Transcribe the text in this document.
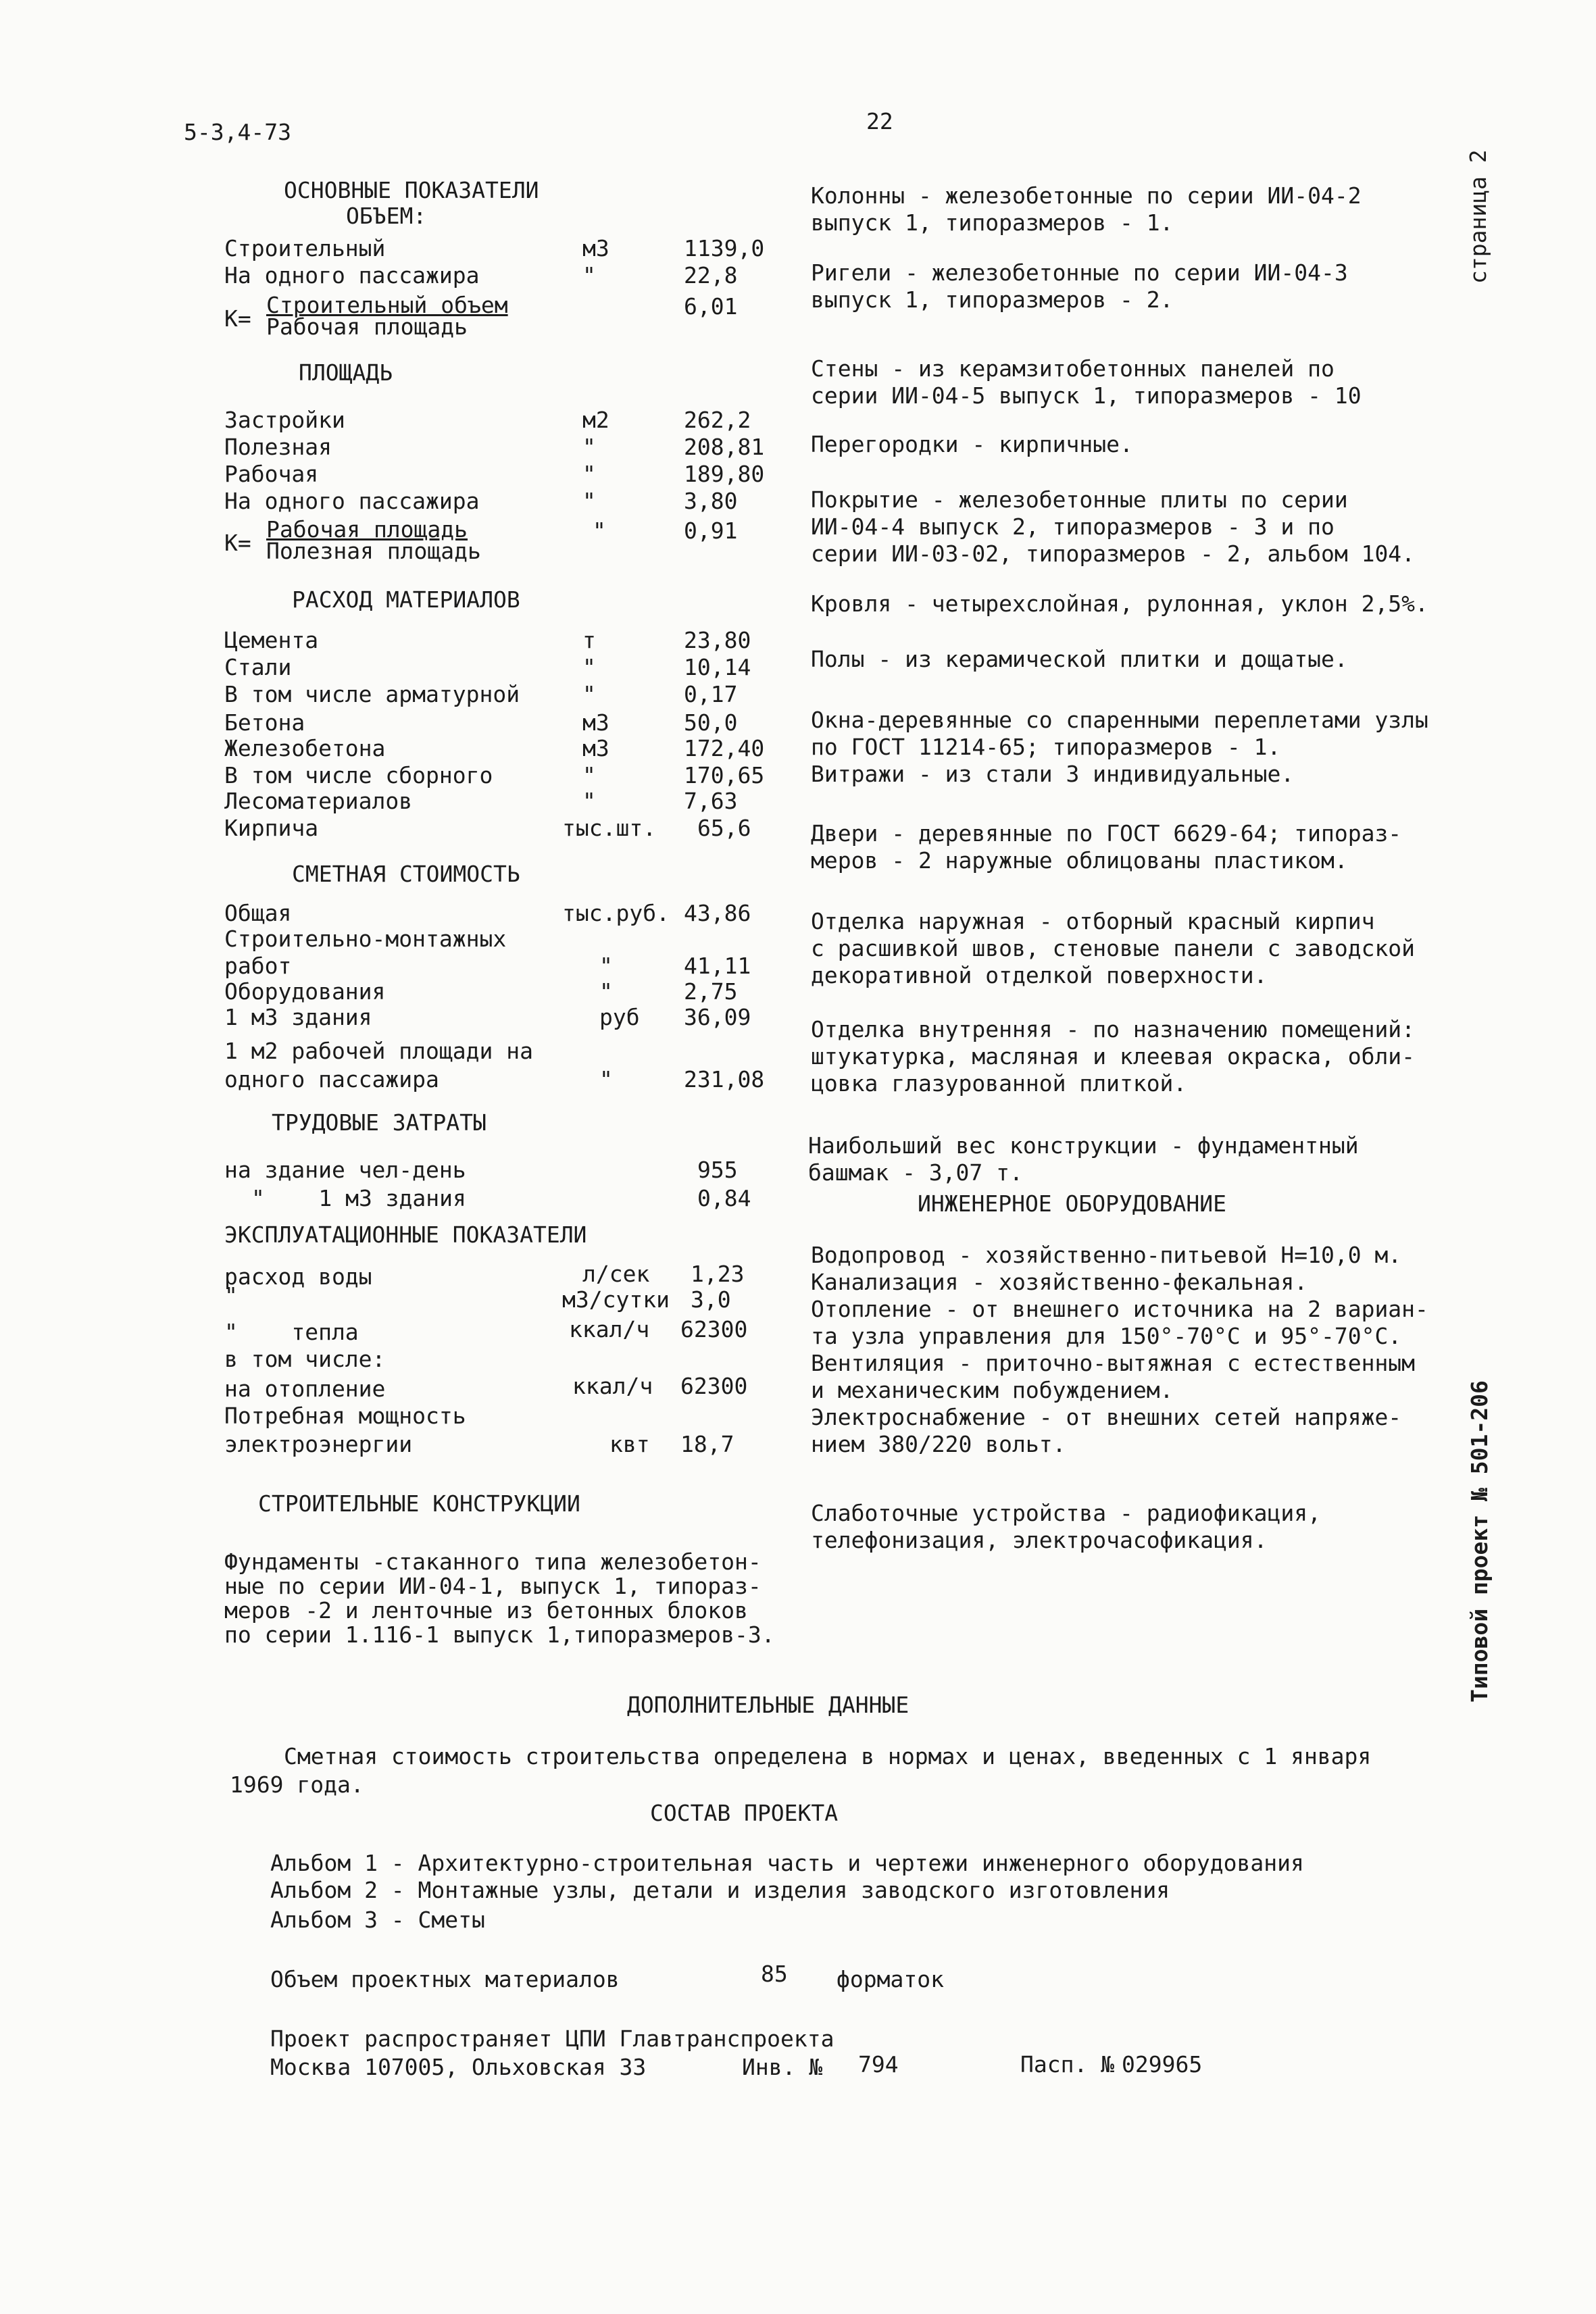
5-3,4-73	22
страница 2
Типовой проект № 501-206
ОСНОВНЫЕ ПОКАЗАТЕЛИ
ОБЪЕМ:
Строительный	м3	1139,0
На одного пассажира	"	22,8
К=
Строительный объем
Рабочая площадь
6,01
ПЛОЩАДЬ
Застройки	м2	262,2
Полезная	"	208,81
Рабочая	"	189,80
На одного пассажира	"	3,80
К=
Рабочая площадь
Полезная площадь
"	0,91
РАСХОД МАТЕРИАЛОВ
Цемента	т	23,80
Стали	"	10,14
В том числе арматурной	"	0,17
Бетона	м3	50,0
Железобетона	м3	172,40
В том числе сборного	"	170,65
Лесоматериалов	"	7,63
Кирпича	тыс.шт. 65,6
СМЕТНАЯ СТОИМОСТЬ
Общая	тыс.руб. 43,86
Строительно-монтажных
работ	"	41,11
Оборудования	"	2,75
1 м3 здания	руб 36,09
1 м2 рабочей площади на
одного пассажира	"	231,08
ТРУДОВЫЕ ЗАТРАТЫ
на здание чел-день	955
"    1 м3 здания	0,84
ЭКСПЛУАТАЦИОННЫЕ ПОКАЗАТЕЛИ
расход воды	л/сек 1,23
"	м3/сутки 3,0
"    тепла	ккал/ч 62300
в том числе:
на отопление	ккал/ч 62300
Потребная мощность
электроэнергии	квт 18,7
СТРОИТЕЛЬНЫЕ КОНСТРУКЦИИ
Фундаменты -стаканного типа железобетон-
ные по серии ИИ-04-1, выпуск 1, типораз-
меров -2 и ленточные из бетонных блоков
по серии 1.116-1 выпуск 1,типоразмеров-3.
Колонны - железобетонные по серии ИИ-04-2
выпуск 1, типоразмеров - 1.
Ригели - железобетонные по серии ИИ-04-3
выпуск 1, типоразмеров - 2.
Стены - из керамзитобетонных панелей по
серии ИИ-04-5 выпуск 1, типоразмеров - 10
Перегородки - кирпичные.
Покрытие - железобетонные плиты по серии
ИИ-04-4 выпуск 2, типоразмеров - 3 и по
серии ИИ-03-02, типоразмеров - 2, альбом 104.
Кровля - четырехслойная, рулонная, уклон 2,5%.
Полы - из керамической плитки и дощатые.
Окна-деревянные со спаренными переплетами узлы
по ГОСТ 11214-65; типоразмеров - 1.
Витражи - из стали 3 индивидуальные.
Двери - деревянные по ГОСТ 6629-64; типораз-
меров - 2 наружные облицованы пластиком.
Отделка наружная - отборный красный кирпич
с расшивкой швов, стеновые панели с заводской
декоративной отделкой поверхности.
Отделка внутренняя - по назначению помещений:
штукатурка, масляная и клеевая окраска, обли-
цовка глазурованной плиткой.
Наибольший вес конструкции - фундаментный
башмак - 3,07 т.
ИНЖЕНЕРНОЕ ОБОРУДОВАНИЕ
Водопровод - хозяйственно-питьевой Н=10,0 м.
Канализация - хозяйственно-фекальная.
Отопление - от внешнего источника на 2 вариан-
та узла управления для 150°-70°С и 95°-70°С.
Вентиляция - приточно-вытяжная с естественным
и механическим побуждением.
Электроснабжение - от внешних сетей напряже-
нием 380/220 вольт.
Слаботочные устройства - радиофикация,
телефонизация, электрочасофикация.
ДОПОЛНИТЕЛЬНЫЕ ДАННЫЕ
Сметная стоимость строительства определена в нормах и ценах, введенных с 1 января
1969 года.
СОСТАВ ПРОЕКТА
Альбом 1 - Архитектурно-строительная часть и чертежи инженерного оборудования
Альбом 2 - Монтажные узлы, детали и изделия заводского изготовления
Альбом 3 - Сметы
Объем проектных материалов	85 форматок
Проект распространяет ЦПИ Главтранспроекта
Москва 107005, Ольховская 33	Инв. № 794	Пасп. № 029965
